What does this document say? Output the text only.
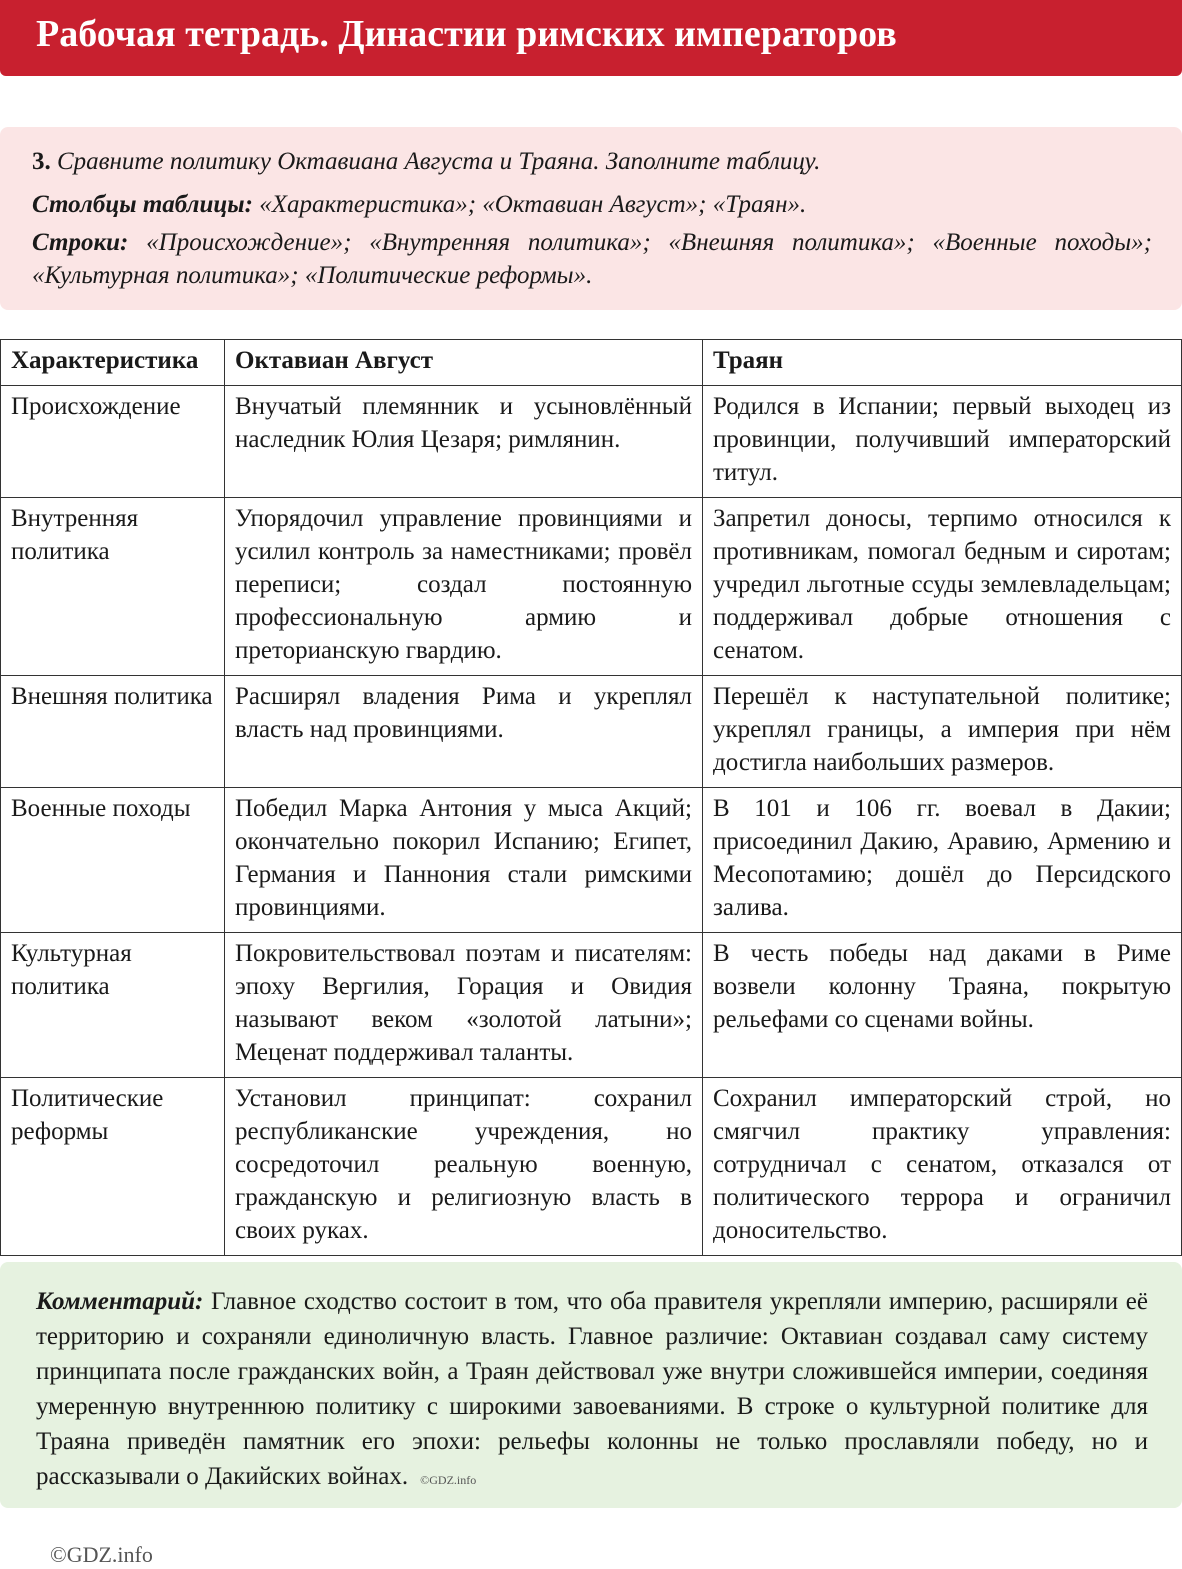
Рабочая тетрадь. Династии римских императоров

3. Сравните политику Октавиана Августа и Траяна. Заполните таблицу.

Столбцы таблицы: «Характеристика»; «Октавиан Август»; «Траян».

Строки: «Происхождение»; «Внутренняя политика»; «Внешняя политика»; «Военные походы»; «Культурная политика»; «Политические реформы».

Характеристика	Октавиан Август	Траян
Происхождение	Внучатый племянник и усыновлённый наследник Юлия Цезаря; римлянин.	Родился в Испании; первый выходец из провинции, получивший императорский титул.
Внутренняя политика	Упорядочил управление провинциями и усилил контроль за наместниками; провёл переписи; создал постоянную профессиональную армию и преторианскую гвардию.	Запретил доносы, терпимо относился к противникам, помогал бедным и сиротам; учредил льготные ссуды землевладельцам; поддерживал добрые отношения с сенатом.
Внешняя политика	Расширял владения Рима и укреплял власть над провинциями.	Перешёл к наступательной политике; укреплял границы, а империя при нём достигла наибольших размеров.
Военные походы	Победил Марка Антония у мыса Акций; окончательно покорил Испанию; Египет, Германия и Паннония стали римскими провинциями.	В 101 и 106 гг. воевал в Дакии; присоединил Дакию, Аравию, Армению и Месопотамию; дошёл до Персидского залива.
Культурная политика	Покровительствовал поэтам и писателям: эпоху Вергилия, Горация и Овидия называют веком «золотой латыни»; Меценат поддерживал таланты.	В честь победы над даками в Риме возвели колонну Траяна, покрытую рельефами со сценами войны.
Политические реформы	Установил принципат: сохранил республиканские учреждения, но сосредоточил реальную военную, гражданскую и религиозную власть в своих руках.	Сохранил императорский строй, но смягчил практику управления: сотрудничал с сенатом, отказался от политического террора и ограничил доносительство.

Комментарий: Главное сходство состоит в том, что оба правителя укрепляли империю, расширяли её территорию и сохраняли единоличную власть. Главное различие: Октавиан создавал саму систему принципата после гражданских войн, а Траян действовал уже внутри сложившейся империи, соединяя умеренную внутреннюю политику с широкими завоеваниями. В строке о культурной политике для Траяна приведён памятник его эпохи: рельефы колонны не только прославляли победу, но и рассказывали о Дакийских войнах. ©GDZ.info

©GDZ.info
